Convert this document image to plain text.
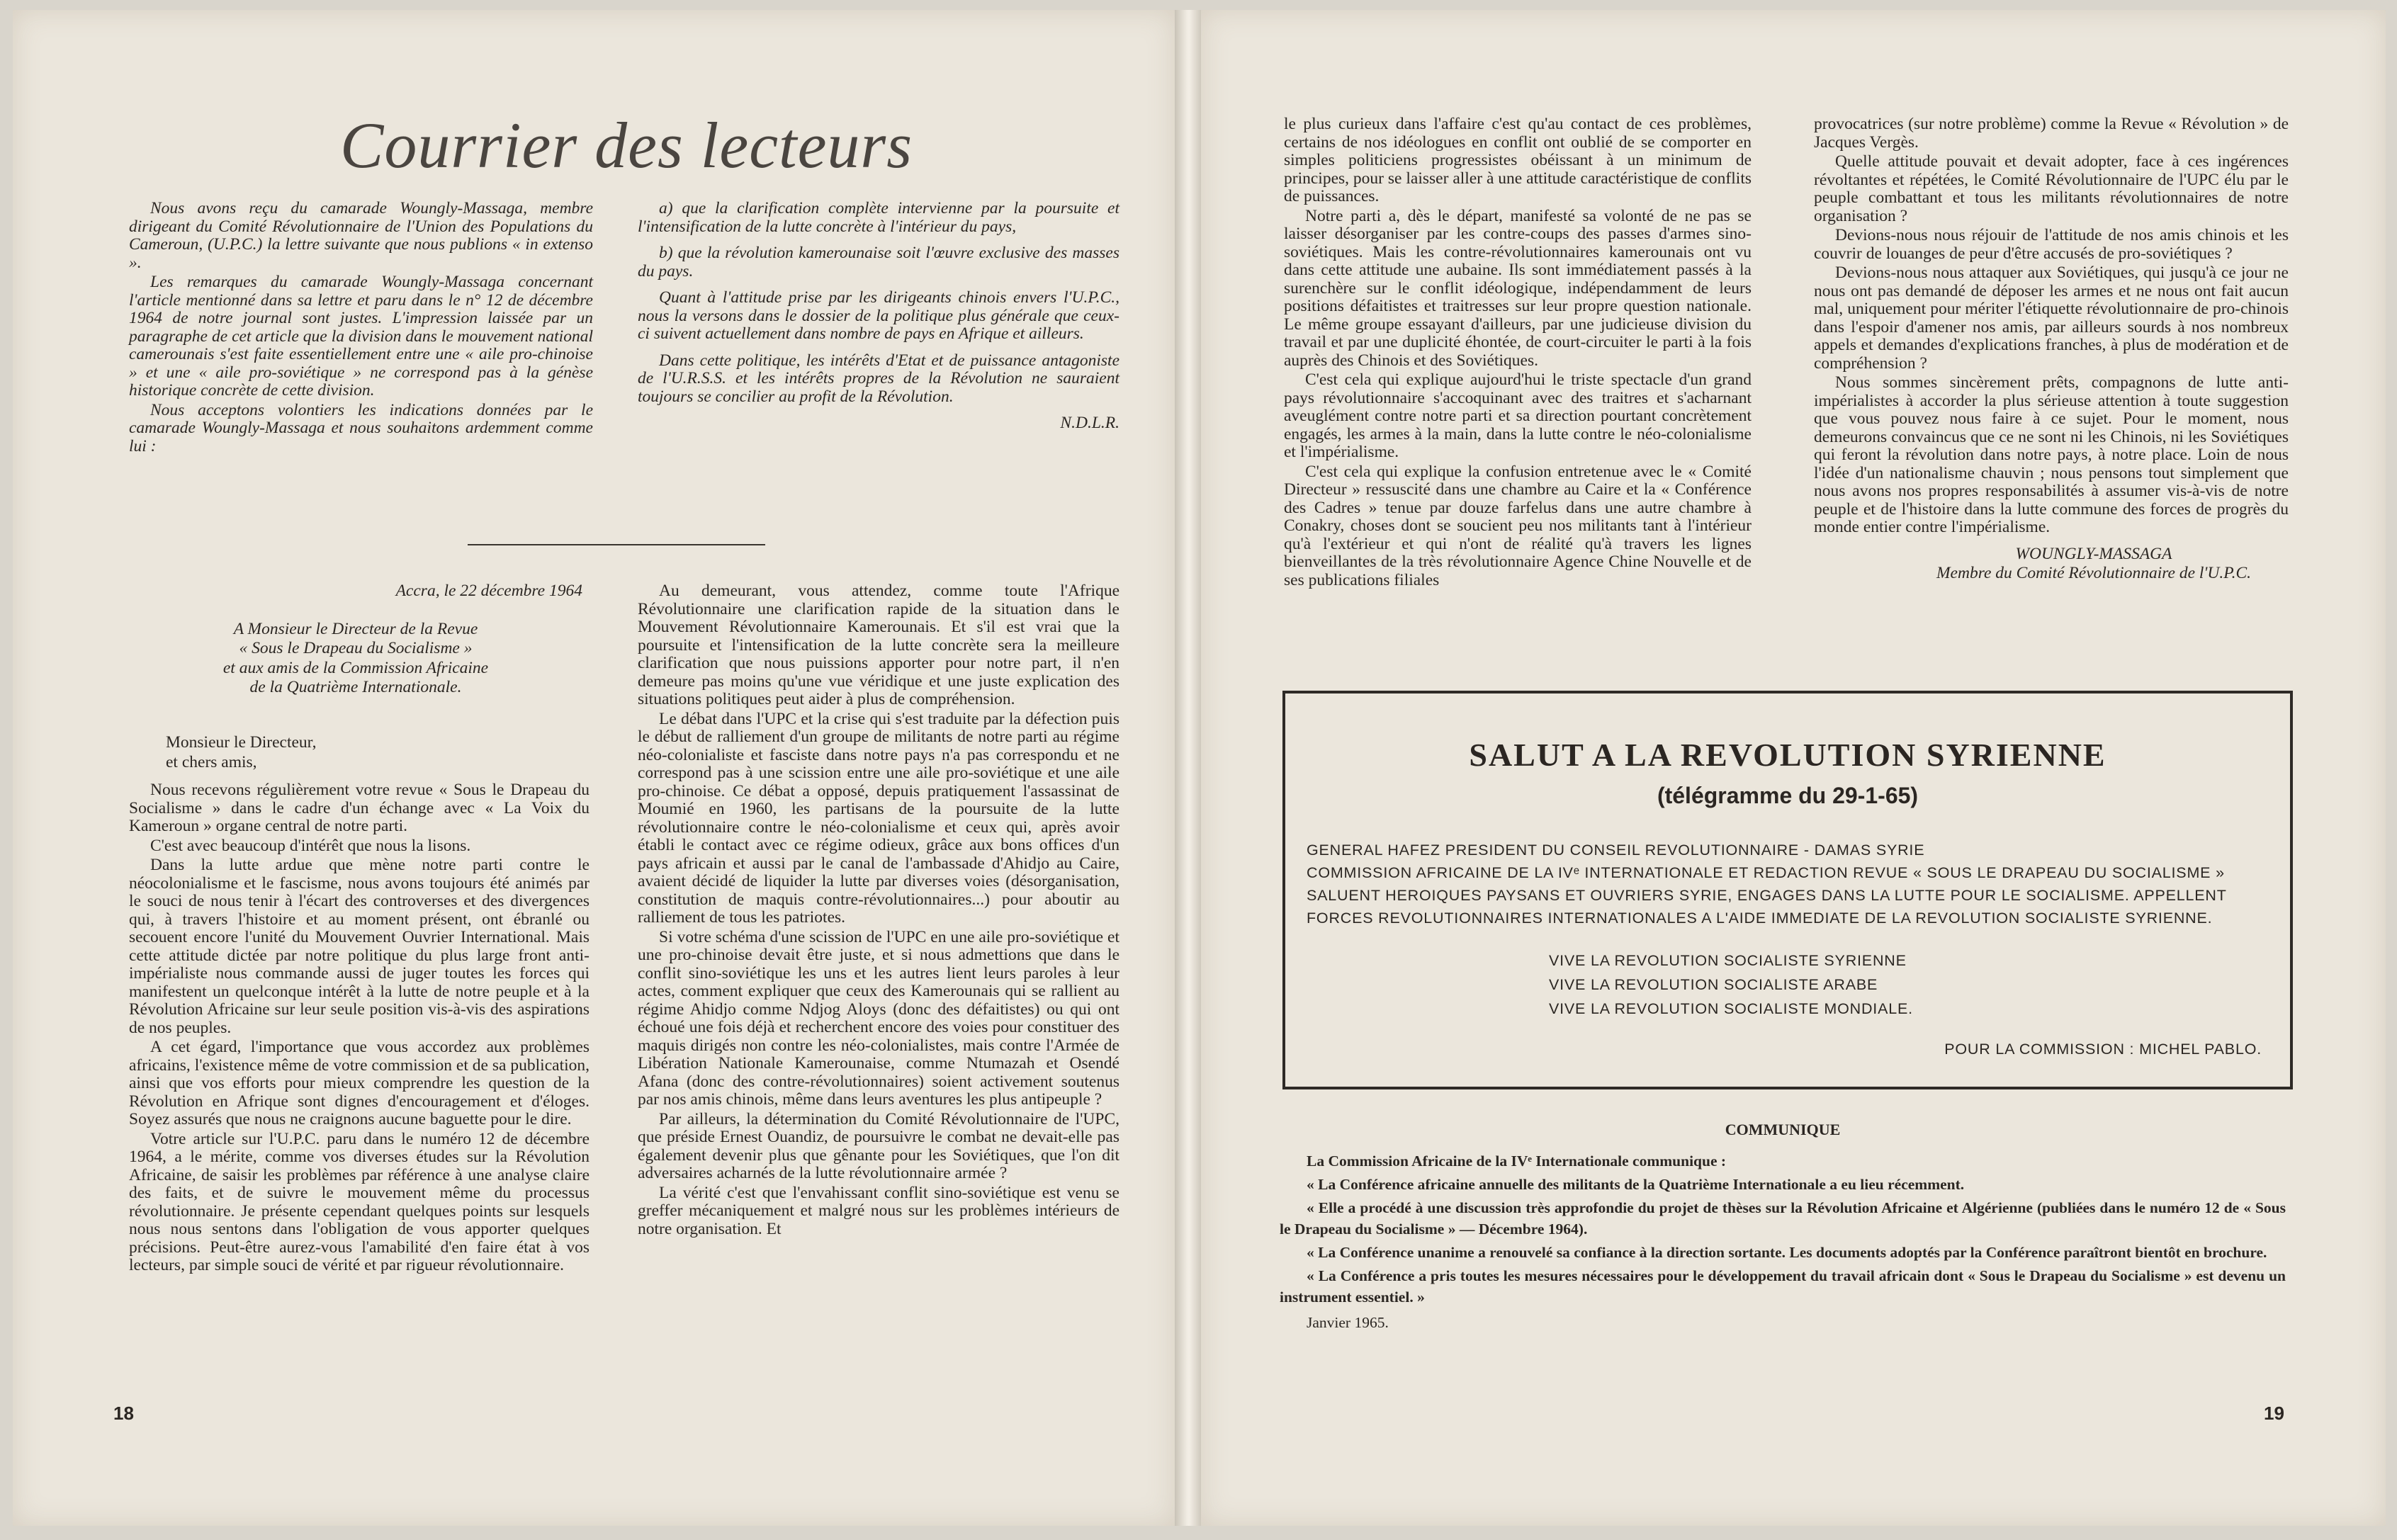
Courrier des lecteurs

Nous avons reçu du camarade Woungly-Massaga, membre dirigeant du Comité Révolutionnaire de l'Union des Populations du Cameroun, (U.P.C.) la lettre suivante que nous publions « in extenso ».

Les remarques du camarade Woungly-Massaga concernant l'article mentionné dans sa lettre et paru dans le n° 12 de décembre 1964 de notre journal sont justes. L'impression laissée par un paragraphe de cet article que la division dans le mouvement national camerounais s'est faite essentiellement entre une « aile pro-chinoise » et une « aile pro-soviétique » ne correspond pas à la génèse historique concrète de cette division.

Nous acceptons volontiers les indications données par le camarade Woungly-Massaga et nous souhaitons ardemment comme lui :

a) que la clarification complète intervienne par la poursuite et l'intensification de la lutte concrète à l'intérieur du pays,

b) que la révolution kamerounaise soit l'œuvre exclusive des masses du pays.

Quant à l'attitude prise par les dirigeants chinois envers l'U.P.C., nous la versons dans le dossier de la politique plus générale que ceux-ci suivent actuellement dans nombre de pays en Afrique et ailleurs.

Dans cette politique, les intérêts d'Etat et de puissance antagoniste de l'U.R.S.S. et les intérêts propres de la Révolution ne sauraient toujours se concilier au profit de la Révolution.

N.D.L.R.

Accra, le 22 décembre 1964

A Monsieur le Directeur de la Revue

« Sous le Drapeau du Socialisme »

et aux amis de la Commission Africaine

de la Quatrième Internationale.

Monsieur le Directeur,

et chers amis,

Nous recevons régulièrement votre revue « Sous le Drapeau du Socialisme » dans le cadre d'un échange avec « La Voix du Kameroun » organe central de notre parti.

C'est avec beaucoup d'intérêt que nous la lisons.

Dans la lutte ardue que mène notre parti contre le néocolonialisme et le fascisme, nous avons toujours été animés par le souci de nous tenir à l'écart des controverses et des divergences qui, à travers l'histoire et au moment présent, ont ébranlé ou secouent encore l'unité du Mouvement Ouvrier International. Mais cette attitude dictée par notre politique du plus large front anti-impérialiste nous commande aussi de juger toutes les forces qui manifestent un quelconque intérêt à la lutte de notre peuple et à la Révolution Africaine sur leur seule position vis-à-vis des aspirations de nos peuples.

A cet égard, l'importance que vous accordez aux problèmes africains, l'existence même de votre commission et de sa publication, ainsi que vos efforts pour mieux comprendre les question de la Révolution en Afrique sont dignes d'encouragement et d'éloges. Soyez assurés que nous ne craignons aucune baguette pour le dire.

Votre article sur l'U.P.C. paru dans le numéro 12 de décembre 1964, a le mérite, comme vos diverses études sur la Révolution Africaine, de saisir les problèmes par référence à une analyse claire des faits, et de suivre le mouvement même du processus révolutionnaire. Je présente cependant quelques points sur lesquels nous nous sentons dans l'obligation de vous apporter quelques précisions. Peut-être aurez-vous l'amabilité d'en faire état à vos lecteurs, par simple souci de vérité et par rigueur révolutionnaire.

Au demeurant, vous attendez, comme toute l'Afrique Révolutionnaire une clarification rapide de la situation dans le Mouvement Révolutionnaire Kamerounais. Et s'il est vrai que la poursuite et l'intensification de la lutte concrète sera la meilleure clarification que nous puissions apporter pour notre part, il n'en demeure pas moins qu'une vue véridique et une juste explication des situations politiques peut aider à plus de compréhension.

Le débat dans l'UPC et la crise qui s'est traduite par la défection puis le début de ralliement d'un groupe de militants de notre parti au régime néo-colonialiste et fasciste dans notre pays n'a pas correspondu et ne correspond pas à une scission entre une aile pro-soviétique et une aile pro-chinoise. Ce débat a opposé, depuis pratiquement l'assassinat de Moumié en 1960, les partisans de la poursuite de la lutte révolutionnaire contre le néo-colonialisme et ceux qui, après avoir établi le contact avec ce régime odieux, grâce aux bons offices d'un pays africain et aussi par le canal de l'ambassade d'Ahidjo au Caire, avaient décidé de liquider la lutte par diverses voies (désorganisation, constitution de maquis contre-révolutionnaires...) pour aboutir au ralliement de tous les patriotes.

Si votre schéma d'une scission de l'UPC en une aile pro-soviétique et une pro-chinoise devait être juste, et si nous admettions que dans le conflit sino-soviétique les uns et les autres lient leurs paroles à leur actes, comment expliquer que ceux des Kamerounais qui se rallient au régime Ahidjo comme Ndjog Aloys (donc des défaitistes) ou qui ont échoué une fois déjà et recherchent encore des voies pour constituer des maquis dirigés non contre les néo-colonialistes, mais contre l'Armée de Libération Nationale Kamerounaise, comme Ntumazah et Osendé Afana (donc des contre-révolutionnaires) soient activement soutenus par nos amis chinois, même dans leurs aventures les plus antipeuple ?

Par ailleurs, la détermination du Comité Révolutionnaire de l'UPC, que préside Ernest Ouandiz, de poursuivre le combat ne devait-elle pas également devenir plus que gênante pour les Soviétiques, que l'on dit adversaires acharnés de la lutte révolutionnaire armée ?

La vérité c'est que l'envahissant conflit sino-soviétique est venu se greffer mécaniquement et malgré nous sur les problèmes intérieurs de notre organisation. Et

18

le plus curieux dans l'affaire c'est qu'au contact de ces problèmes, certains de nos idéologues en conflit ont oublié de se comporter en simples politiciens progressistes obéissant à un minimum de principes, pour se laisser aller à une attitude caractéristique de conflits de puissances.

Notre parti a, dès le départ, manifesté sa volonté de ne pas se laisser désorganiser par les contre-coups des passes d'armes sino-soviétiques. Mais les contre-révolutionnaires kamerounais ont vu dans cette attitude une aubaine. Ils sont immédiatement passés à la surenchère sur le conflit idéologique, indépendamment de leurs positions défaitistes et traitresses sur leur propre question nationale. Le même groupe essayant d'ailleurs, par une judicieuse division du travail et par une duplicité éhontée, de court-circuiter le parti à la fois auprès des Chinois et des Soviétiques.

C'est cela qui explique aujourd'hui le triste spectacle d'un grand pays révolutionnaire s'accoquinant avec des traitres et s'acharnant aveuglément contre notre parti et sa direction pourtant concrètement engagés, les armes à la main, dans la lutte contre le néo-colonialisme et l'impérialisme.

C'est cela qui explique la confusion entretenue avec le « Comité Directeur » ressuscité dans une chambre au Caire et la « Conférence des Cadres » tenue par douze farfelus dans une autre chambre à Conakry, choses dont se soucient peu nos militants tant à l'intérieur qu'à l'extérieur et qui n'ont de réalité qu'à travers les lignes bienveillantes de la très révolutionnaire Agence Chine Nouvelle et de ses publications filiales

provocatrices (sur notre problème) comme la Revue « Révolution » de Jacques Vergès.

Quelle attitude pouvait et devait adopter, face à ces ingérences révoltantes et répétées, le Comité Révolutionnaire de l'UPC élu par le peuple combattant et tous les militants révolutionnaires de notre organisation ?

Devions-nous nous réjouir de l'attitude de nos amis chinois et les couvrir de louanges de peur d'être accusés de pro-soviétiques ?

Devions-nous nous attaquer aux Soviétiques, qui jusqu'à ce jour ne nous ont pas demandé de déposer les armes et ne nous ont fait aucun mal, uniquement pour mériter l'étiquette révolutionnaire de pro-chinois dans l'espoir d'amener nos amis, par ailleurs sourds à nos nombreux appels et demandes d'explications franches, à plus de modération et de compréhension ?

Nous sommes sincèrement prêts, compagnons de lutte anti-impérialistes à accorder la plus sérieuse attention à toute suggestion que vous pouvez nous faire à ce sujet. Pour le moment, nous demeurons convaincus que ce ne sont ni les Chinois, ni les Soviétiques qui feront la révolution dans notre pays, à notre place. Loin de nous l'idée d'un nationalisme chauvin ; nous pensons tout simplement que nous avons nos propres responsabilités à assumer vis-à-vis de notre peuple et de l'histoire dans la lutte commune des forces de progrès du monde entier contre l'impérialisme.

WOUNGLY-MASSAGA

Membre du Comité Révolutionnaire de l'U.P.C.

SALUT A LA REVOLUTION SYRIENNE
(télégramme du 29-1-65)
GENERAL HAFEZ PRESIDENT DU CONSEIL REVOLUTIONNAIRE - DAMAS SYRIE
COMMISSION AFRICAINE DE LA IVᵉ INTERNATIONALE ET REDACTION REVUE « SOUS LE DRAPEAU DU SOCIALISME » SALUENT HEROIQUES PAYSANS ET OUVRIERS SYRIE, ENGAGES DANS LA LUTTE POUR LE SOCIALISME. APPELLENT FORCES REVOLUTIONNAIRES INTERNATIONALES A L'AIDE IMMEDIATE DE LA REVOLUTION SOCIALISTE SYRIENNE.
VIVE LA REVOLUTION SOCIALISTE SYRIENNE
VIVE LA REVOLUTION SOCIALISTE ARABE
VIVE LA REVOLUTION SOCIALISTE MONDIALE.
POUR LA COMMISSION : MICHEL PABLO.

COMMUNIQUE

La Commission Africaine de la IVᵉ Internationale communique :

« La Conférence africaine annuelle des militants de la Quatrième Internationale a eu lieu récemment.

« Elle a procédé à une discussion très approfondie du projet de thèses sur la Révolution Africaine et Algérienne (publiées dans le numéro 12 de « Sous le Drapeau du Socialisme » — Décembre 1964).

« La Conférence unanime a renouvelé sa confiance à la direction sortante. Les documents adoptés par la Conférence paraîtront bientôt en brochure.

« La Conférence a pris toutes les mesures nécessaires pour le développement du travail africain dont « Sous le Drapeau du Socialisme » est devenu un instrument essentiel. »

Janvier 1965.

19
